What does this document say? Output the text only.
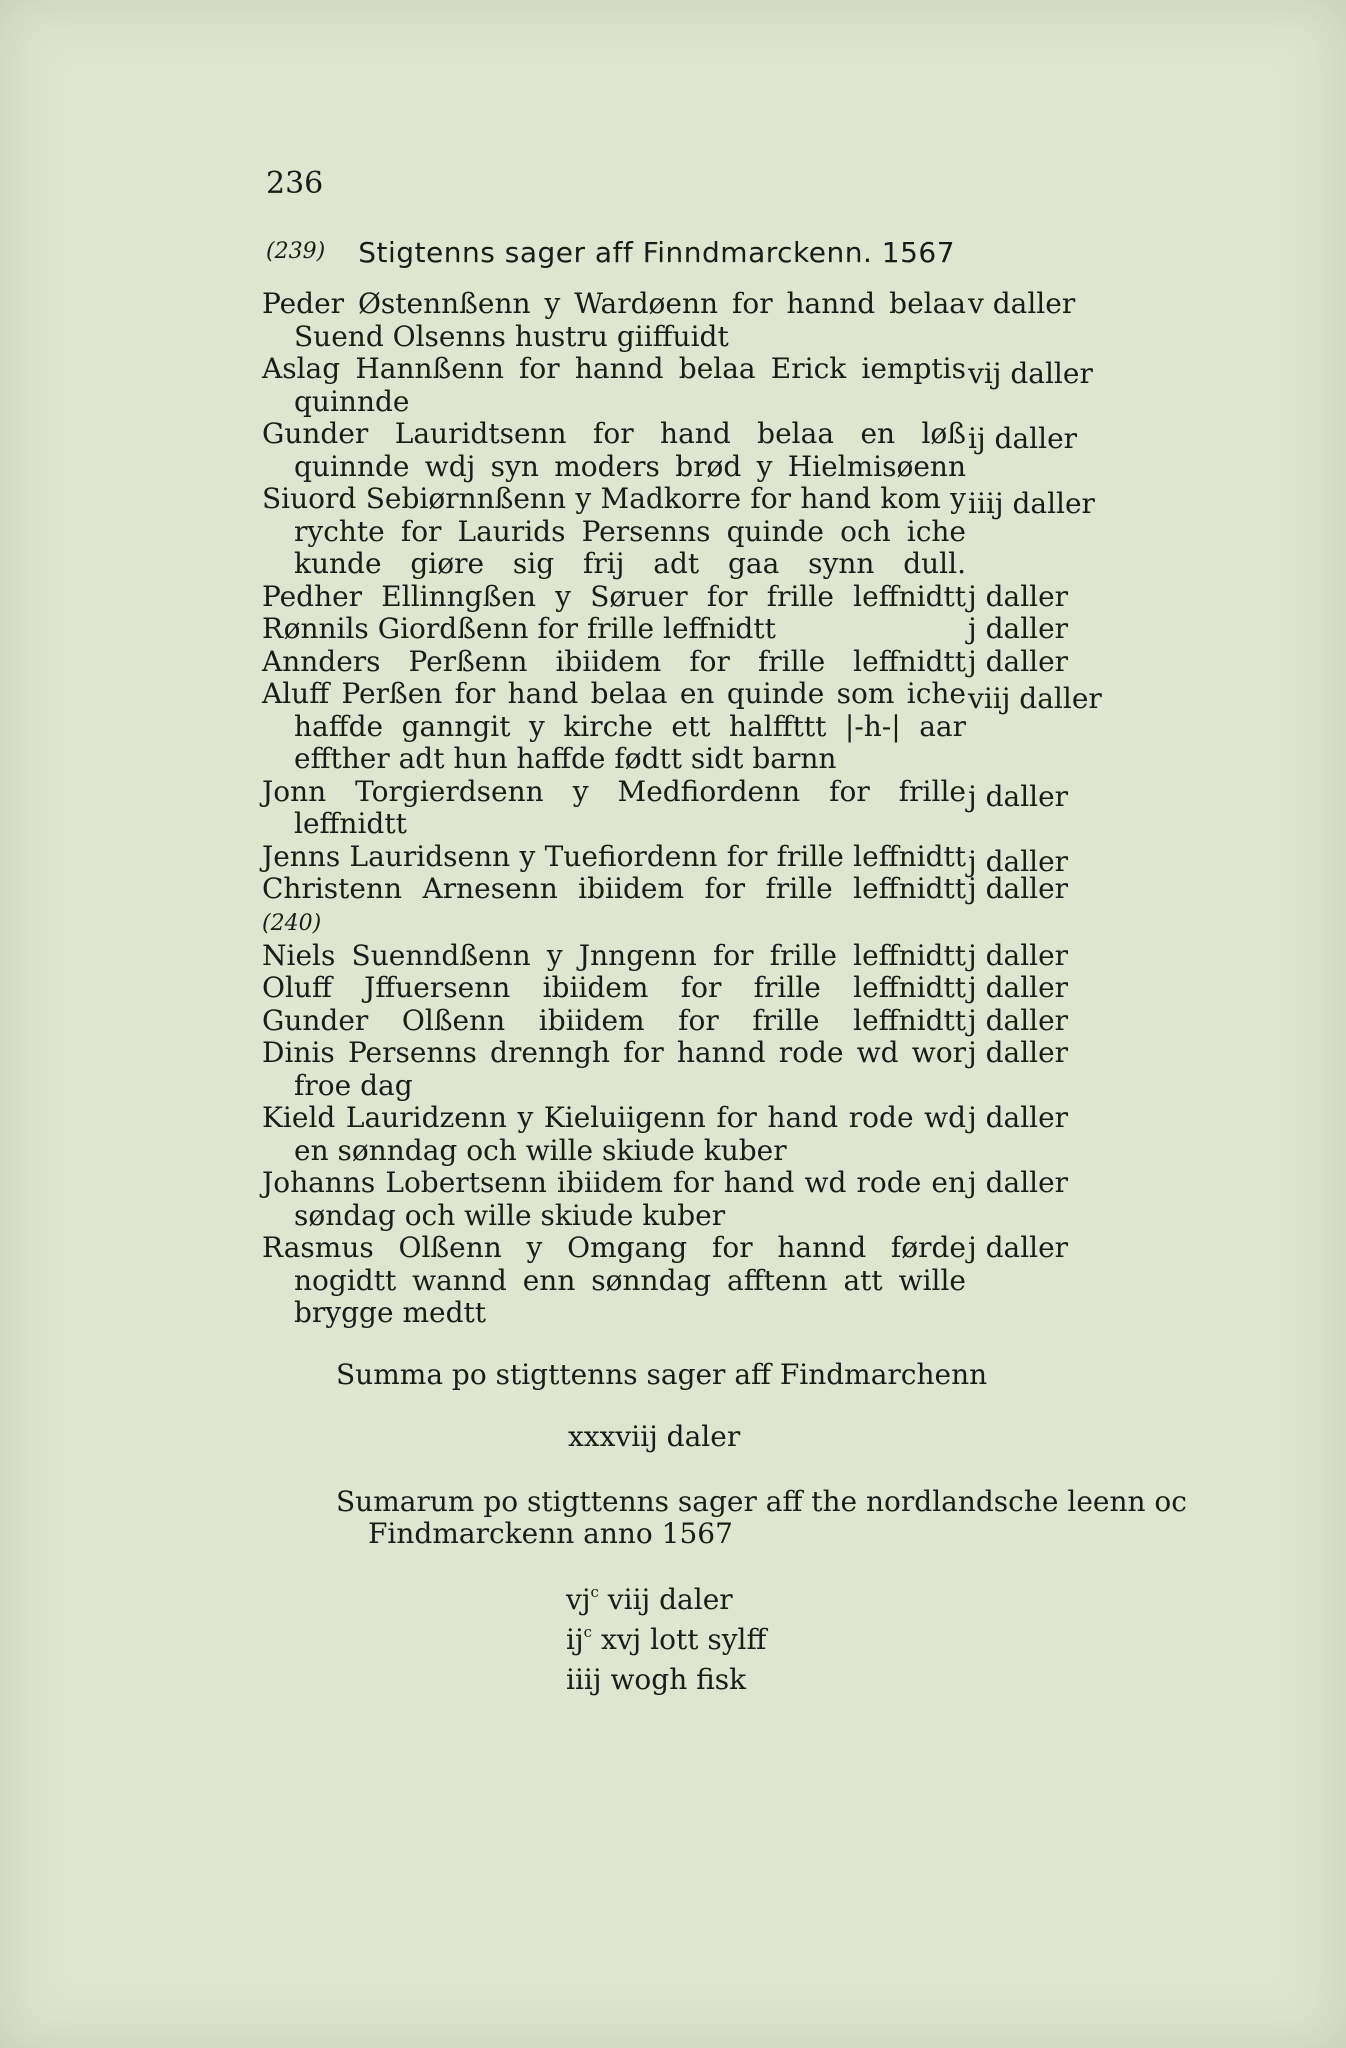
236
(239) Stigtenns sager aff Finndmarckenn. 1567
Peder Østennßenn y Wardøenn for hannd belaa Suend Olsenns hustru giiffuidt
v daller
Aslag Hannßenn for hannd belaa Erick iemptis quinnde
vij daller
Gunder Lauridtsenn for hand belaa en løß quinnde wdj syn moders brød y Hielmisøenn
ij daller
Siuord Sebiørnnßenn y Madkorre for hand kom y rychte for Laurids Persenns quinde och iche kunde giøre sig frij adt gaa synn dull.
iiij daller
Pedher Ellinngßen y Søruer for frille leffnidtt j daller
Rønnils Giordßenn for frille leffnidtt	j daller
Annders Perßenn ibiidem for frille leffnidtt j daller
Aluff Perßen for hand belaa en quinde som iche haffde ganngit y kirche ett halffttt |-h-| aar effther adt hun haffde fødtt sidt barnn
viij daller
Jonn Torgierdsenn y Medfiordenn for frille leffnidtt
j daller
Jenns Lauridsenn y Tuefiordenn for frille leffnidtt j daller
Christenn Arnesenn ibiidem for frille leffnidtt j daller
(240)
Niels Suenndßenn y Jnngenn for frille leffnidtt j daller
Oluff Jffuersenn ibiidem for frille leffnidtt j daller
Gunder Olßenn ibiidem for frille leffnidtt j daller
Dinis Persenns drenngh for hannd rode wd wor froe dag
j daller
Kield Lauridzenn y Kieluiigenn for hand rode wd en sønndag och wille skiude kuber
j daller
Johanns Lobertsenn ibiidem for hand wd rode en søndag och wille skiude kuber
j daller
Rasmus Olßenn y Omgang for hannd førde nogidtt wannd enn sønndag afftenn att wille brygge medtt
j daller
Summa po stigttenns sager aff Findmarchenn
xxxviij daler
Sumarum po stigttenns sager aff the nordlandsche leenn oc
Findmarckenn anno 1567
$vj^c$ viij daler
$ij^c$ xvj lott sylff
iiij wogh fisk
